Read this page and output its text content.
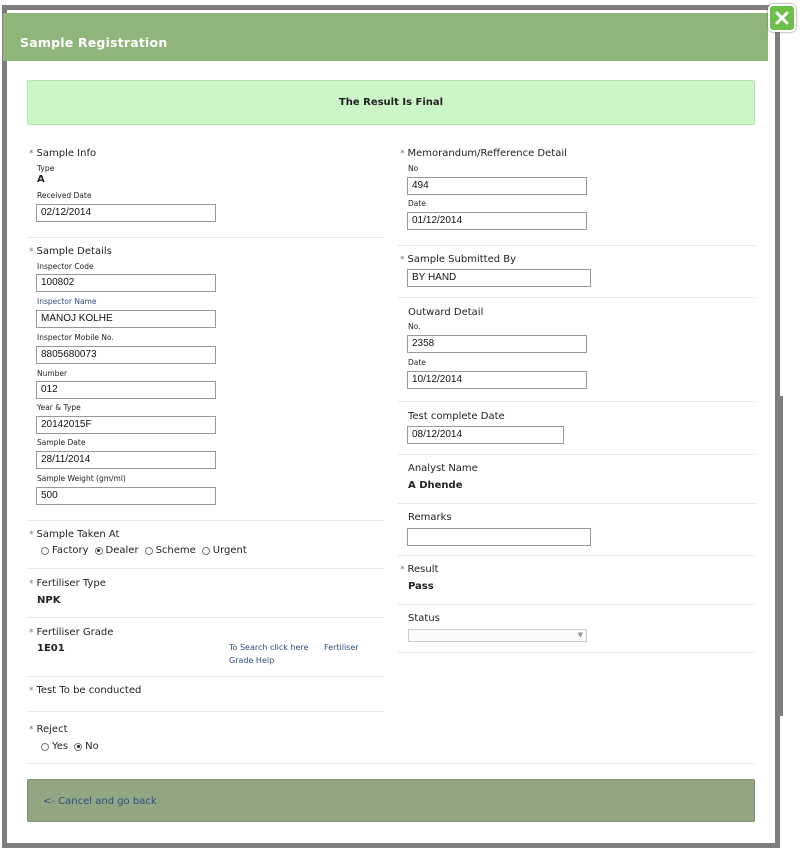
Sample Registration
The Result Is Final
* Sample Info
Type
A
Received Date
02/12/2014
* Sample Details
Inspector Code
100802
Inspector Name
MANOJ KOLHE
Inspector Mobile No.
8805680073
Number
012
Year & Type
20142015F
Sample Date
28/11/2014
Sample Weight (gm/ml)
500
* Sample Taken At
Factory Dealer Scheme Urgent
* Fertiliser Type
NPK
* Fertiliser Grade
1E01	To Search click here Fertiliser
Grade Help
* Test To be conducted
* Reject
Yes No
* Memorandum/Refference Detail
No
494
Date
01/12/2014
* Sample Submitted By
BY HAND
Outward Detail
No.
2358
Date
10/12/2014
Test complete Date
08/12/2014
Analyst Name
A Dhende
Remarks
* Result
Pass
Status
▼
<- Cancel and go back
